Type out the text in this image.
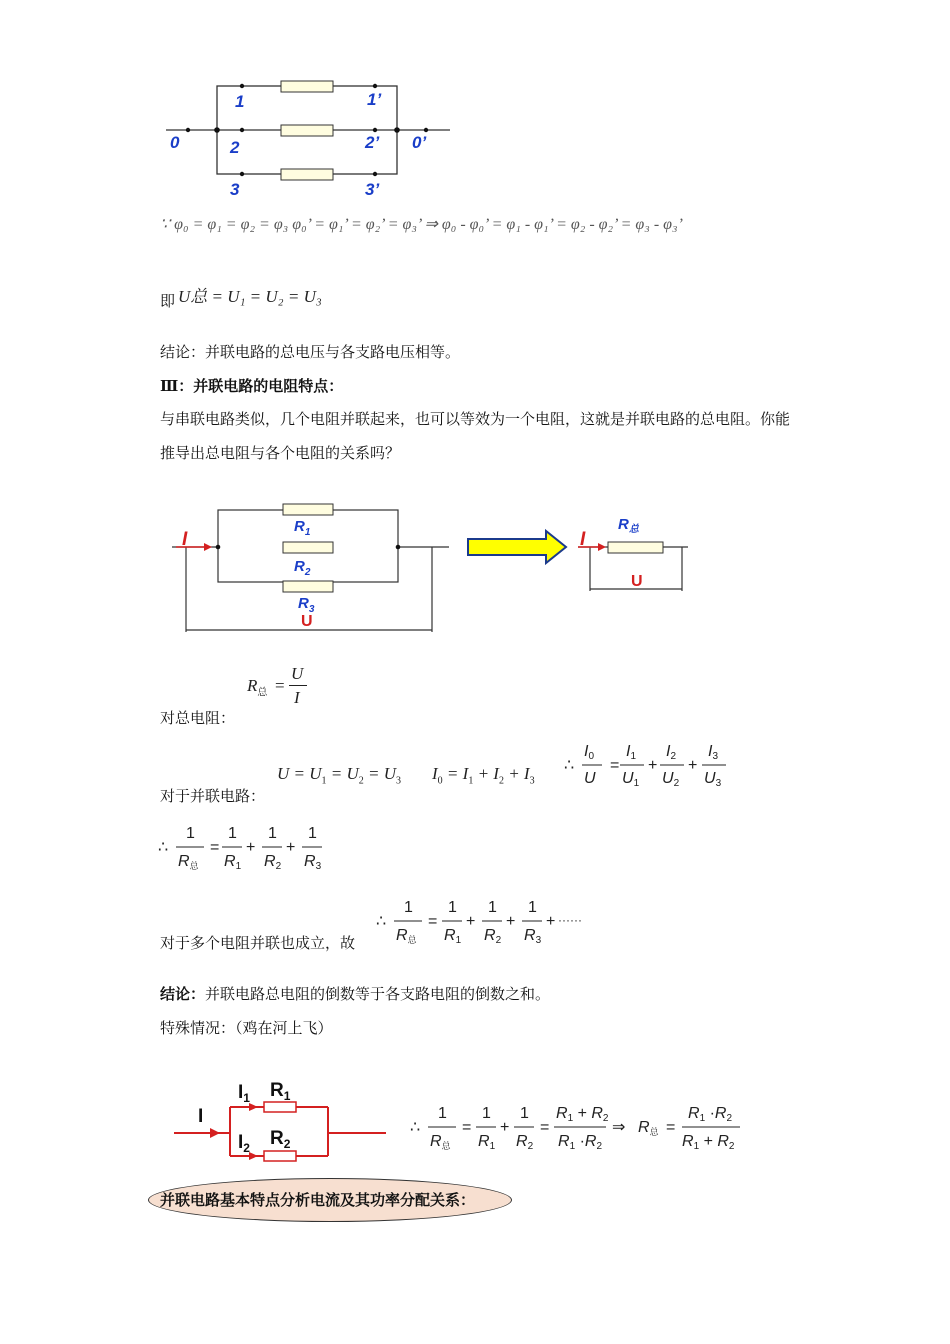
0
1
2
3
1’
2’
3’
0’
∵ φ₀ = φ₁ = φ₂ = φ₃ φ₀’ = φ₁’ = φ₂’ = φ₃’ ⇒ φ₀ - φ₀’ = φ₁ - φ₁’ = φ₂ - φ₂’ = φ₃ - φ₃’
即 U总 = U₁ = U₂ = U₃
结论：并联电路的总电压与各支路电压相等。
Ⅲ：并联电路的电阻特点：
与串联电路类似，几个电阻并联起来，也可以等效为一个电阻，这就是并联电路的总电阻。你能推导出总电阻与各个电阻的关系吗？
I	I
$R_1$
$R_2$
$R_3$
$R_总$
U
U
$R_总$ =
U
I
对总电阻：
$U = U_1 = U_2 = U_3$ $I_0 = I_1 + I_2 + I_3$
∴
I0
U
=
I1
U1
+
I2
U2
+
I3
U3
对于并联电路：
∴
1
R总
=
1
R1
+
1
R2
+
1
R3
∴
1
R总
=
1
R1
+
1
R2
+
1
R3
+ ······
对于多个电阻并联也成立，故
结论：并联电路总电阻的倒数等于各支路电阻的倒数之和。
特殊情况：（鸡在河上飞）
I
$I_1$
$I_2$
$R_1$
$R_2$
∴
1
R总
=
1
R1
+
1
R2
=
R1 + R2
R1 ·R2
⇒ R总 =
R1 ·R2
R1 + R2
并联电路基本特点分析电流及其功率分配关系：
